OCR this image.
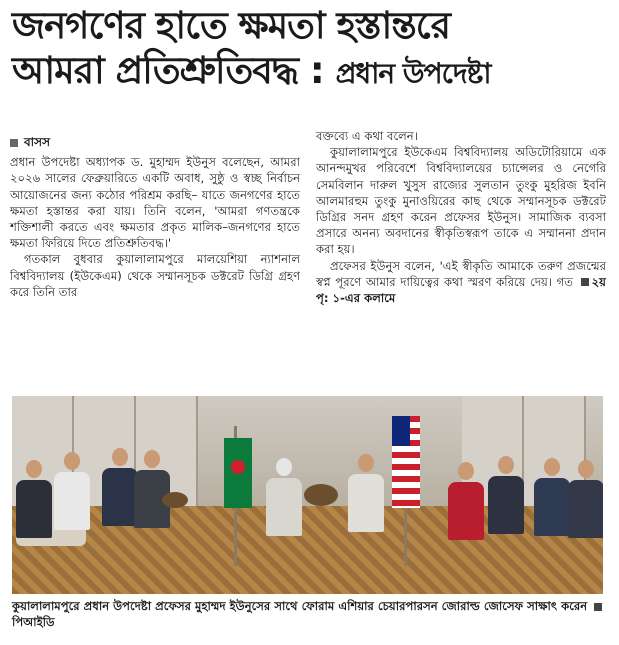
জনগণের হাতে ক্ষমতা হস্তান্তরে
আমরা প্রতিশ্রুতিবদ্ধ : প্রধান উপদেষ্টা
বাসস

প্রধান উপদেষ্টা অধ্যাপক ড. মুহাম্মদ ইউনুস বলেছেন, আমরা ২০২৬ সালের ফেব্রুয়ারিতে একটি অবাধ, সুষ্ঠু ও স্বচ্ছ নির্বাচন আয়োজনের জন্য কঠোর পরিশ্রম করছি– যাতে জনগণের হাতে ক্ষমতা হস্তান্তর করা যায়। তিনি বলেন, 'আমরা গণতন্ত্রকে শক্তিশালী করতে এবং ক্ষমতার প্রকৃত মালিক–জনগণের হাতে ক্ষমতা ফিরিয়ে দিতে প্রতিশ্রুতিবদ্ধ।'

গতকাল বুধবার কুয়ালালামপুরে মালয়েশিয়া ন্যাশনাল বিশ্ববিদ্যালয় (ইউকেএম) থেকে সম্মানসূচক ডক্টরেট ডিগ্রি গ্রহণ করে তিনি তার

বক্তব্যে এ কথা বলেন।

কুয়ালালামপুরে ইউকেএম বিশ্ববিদ্যালয় অডিটোরিয়ামে এক আনন্দমুখর পরিবেশে বিশ্ববিদ্যালয়ের চ্যান্সেলর ও নেগেরি সেমবিলান দারুল খুসুস রাজ্যের সুলতান তুংকু মুহরিজ ইবনি আলমারহুম তুংকু মুনাওয়িরের কাছ থেকে সম্মানসূচক ডক্টরেট ডিগ্রির সনদ গ্রহণ করেন প্রফেসর ইউনুস। সামাজিক ব্যবসা প্রসারে অনন্য অবদানের স্বীকৃতিস্বরূপ তাকে এ সম্মাননা প্রদান করা হয়।

প্রফেসর ইউনুস বলেন, 'এই স্বীকৃতি আমাকে তরুণ প্রজন্মের স্বপ্ন পূরণে আমার দায়িত্বের কথা স্মরণ করিয়ে দেয়। গত ২য় পৃ: ১-এর কলামে

কুয়ালালামপুরে প্রধান উপদেষ্টা প্রফেসর মুহাম্মদ ইউনুসের সাথে ফোরাম এশিয়ার চেয়ারপারসন জোরাল্ড জোসেফ সাক্ষাৎ করেন পিআইডি
